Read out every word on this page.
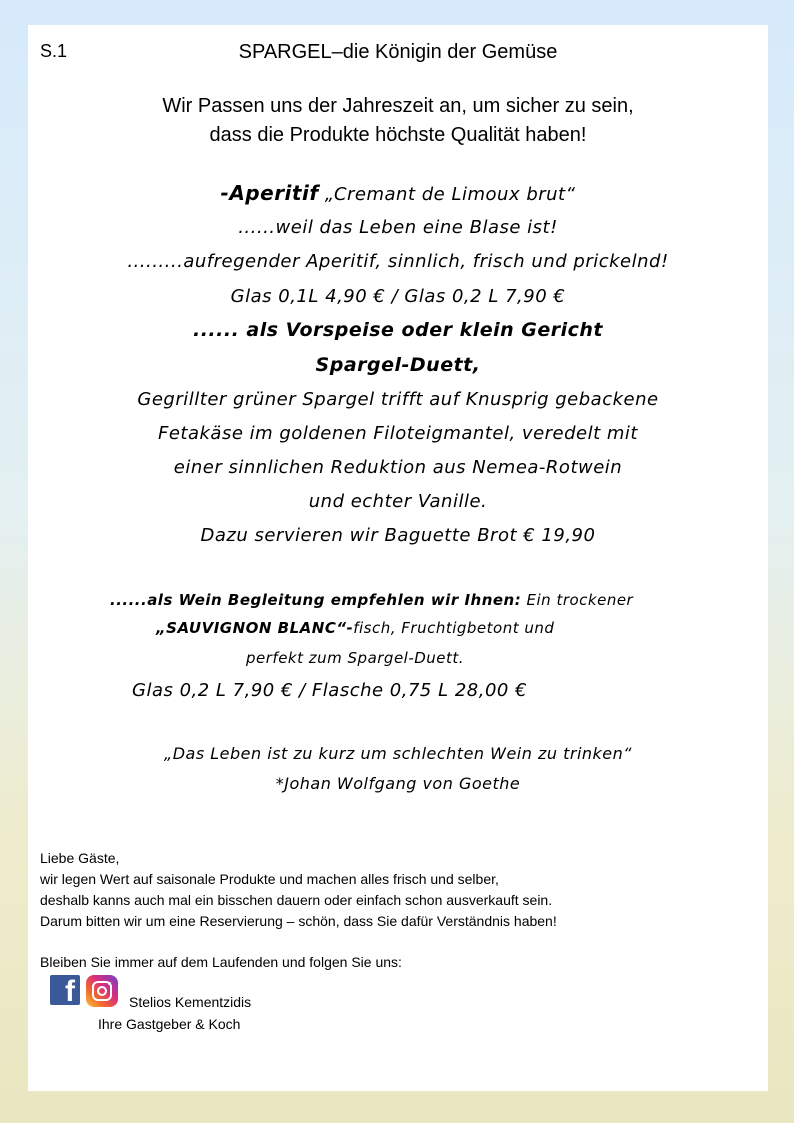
S.1	SPARGEL–die Königin der Gemüse
Wir Passen uns der Jahreszeit an, um sicher zu sein,
dass die Produkte höchste Qualität haben!
-Aperitif „Cremant de Limoux brut“
......weil das Leben eine Blase ist!
.........aufregender Aperitif, sinnlich, frisch und prickelnd!
Glas 0,1L 4,90 € / Glas 0,2 L 7,90 €
...... als Vorspeise oder klein Gericht
Spargel-Duett,
Gegrillter grüner Spargel trifft auf Knusprig gebackene
Fetakäse im goldenen Filoteigmantel, veredelt mit
einer sinnlichen Reduktion aus Nemea-Rotwein
und echter Vanille.
Dazu servieren wir Baguette Brot € 19,90
......als Wein Begleitung empfehlen wir Ihnen: Ein trockener
„SAUVIGNON BLANC“-fisch, Fruchtigbetont und
perfekt zum Spargel-Duett.
Glas 0,2 L 7,90 € / Flasche 0,75 L 28,00 €
„Das Leben ist zu kurz um schlechten Wein zu trinken“
*Johan Wolfgang von Goethe
Liebe Gäste,
wir legen Wert auf saisonale Produkte und machen alles frisch und selber,
deshalb kanns auch mal ein bisschen dauern oder einfach schon ausverkauft sein.
Darum bitten wir um eine Reservierung – schön, dass Sie dafür Verständnis haben!
Bleiben Sie immer auf dem Laufenden und folgen Sie uns:
f	Stelios Kementzidis
Ihre Gastgeber & Koch
